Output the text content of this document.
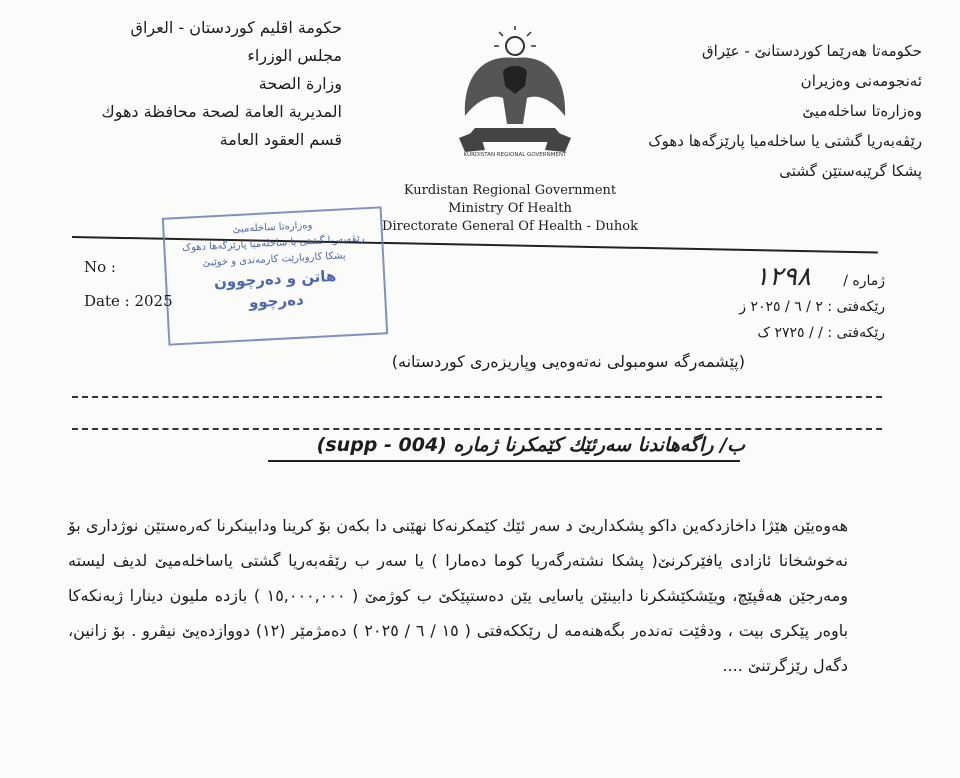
حكومة اقليم كوردستان - العراق
مجلس الوزراء
وزارة الصحة
المديرية العامة لصحة محافظة دهوك
قسم العقود العامة
حکومەتا هەرێما کوردستانێ - عێراق
ئەنجومەنی وەزیران
وەزارەتا ساخلەمیێ
رێڤەبەریا گشتی یا ساخلەمیا پارێزگەها دهوک
پشکا گرێبەستێن گشتی
KURDISTAN REGIONAL GOVERNMENT
Kurdistan Regional Government
Ministry Of Health
Directorate General Of Health - Duhok
وەزارەتا ساخلەمیێ
رێڤەبەریا گشتی یا ساخلەمیا پارێزگەها دهوک
پشکا کاروبارێت کارمەندی و خوێبێ
هاتن و دەرچوون
دەرچوو
No :
Date : 2025
١٢٩٨	ژمارە /
رێکەفتی : ٢ / ٦ / ٢٠٢٥ ز
رێکەفتی : / / ٢٧٢٥ ک
(پێشمەرگە سومبولی نەتەوەیی وپاریزەری کوردستانە)
ب/ راگەهاندنا سەرئێك کێمکرنا ژمارە (supp - 004)
هەوەیێن هێژا داخازدکەین داکو پشکداریێ د سەر ئێك کێمکرنەکا نهێنی دا بکەن بۆ کرینا ودابینکرنا کەرەستێن نوژداری بۆ نەخوشخانا ئازادی یافێرکرنێ( پشکا نشتەرگەریا کوما دەمارا ) یا سەر ب رێڤەبەریا گشتی یاساخلەمیێ لدیف لیستە ومەرجێن هەڤپێچ، ویێشکێشکرنا دابینێن یاسایی یێن دەستپێکێ ب کوژمێ ( ١٥,٠٠٠,٠٠٠ ) بازدە ملیون دینارا ژبەنکەکا باوەر پێکری بیت ، ودڤێت تەندەر بگەهنەمە ل رێککەفتی ( ١٥ / ٦ / ٢٠٢٥ ) دەمژمێر (١٢) دووازدەیێ نیڤرو . بۆ زانین، دگەل رێزگرتنێ ....
